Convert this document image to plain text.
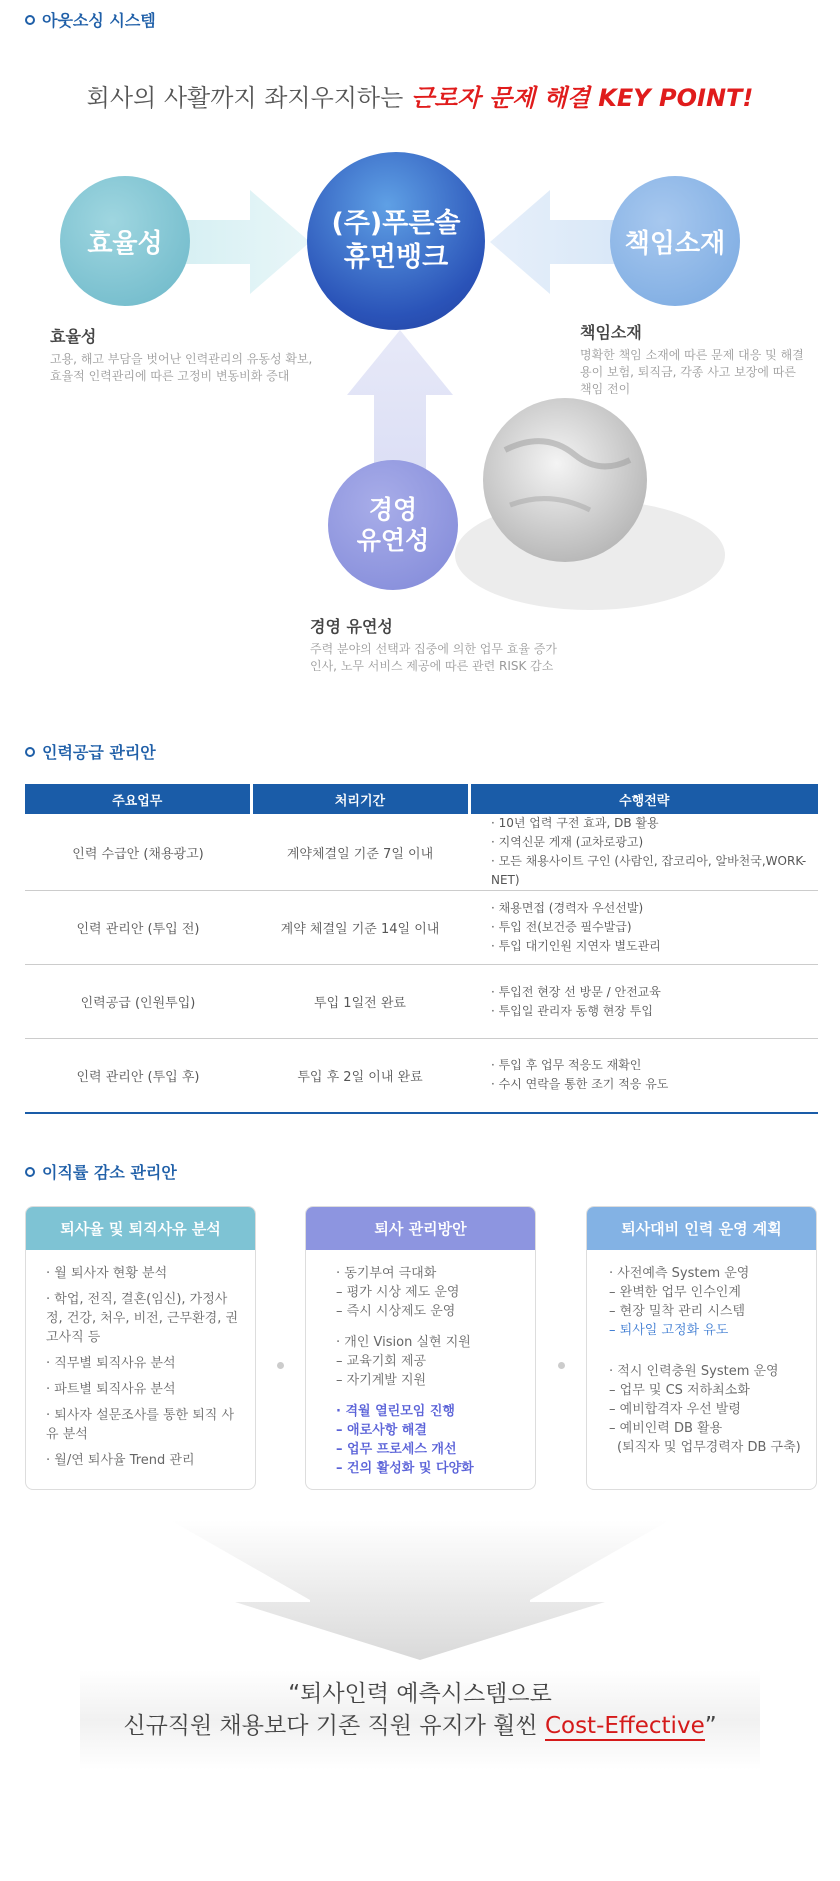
아웃소싱 시스템
회사의 사활까지 좌지우지하는 근로자 문제 해결 KEY POINT!
효율성
(주)푸른솔
휴먼뱅크	책임소재
경영
유연성
효율성
고용, 해고 부담을 벗어난 인력관리의 유동성 확보,
효율적 인력관리에 따른 고정비 변동비화 증대
책임소재
명확한 책임 소재에 따른 문제 대응 및 해결
용이 보험, 퇴직금, 각종 사고 보장에 따른
책임 전이
경영 유연성
주력 분야의 선택과 집중에 의한 업무 효율 증가
인사, 노무 서비스 제공에 따른 관련 RISK 감소
인력공급 관리안
주요업무	처리기간	수행전략
인력 수급안 (채용광고)	계약체결일 기준 7일 이내	· 10년 업력 구전 효과, DB 활용
· 지역신문 게재 (교차로광고)
· 모든 채용사이트 구인 (사람인, 잡코리아, 알바천국,WORK-NET)

인력 관리안 (투입 전)	계약 체결일 기준 14일 이내	· 채용면접 (경력자 우선선발)
· 투입 전(보건증 필수발급)
· 투입 대기인원 지연자 별도관리

인력공급 (인원투입)	투입 1일전 완료	· 투입전 현장 선 방문 / 안전교육
· 투입일 관리자 동행 현장 투입

인력 관리안 (투입 후)	투입 후 2일 이내 완료	· 투입 후 업무 적응도 재확인
· 수시 연락을 통한 조기 적응 유도
이직률 감소 관리안
퇴사율 및 퇴직사유 분석
· 월 퇴사자 현황 분석
· 학업, 전직, 결혼(임신), 가정사정, 건강, 처우, 비전, 근무환경, 권고사직 등
· 직무별 퇴직사유 분석
· 파트별 퇴직사유 분석
· 퇴사자 설문조사를 통한 퇴직 사유 분석
· 월/연 퇴사율 Trend 관리
퇴사 관리방안
· 동기부여 극대화
– 평가 시상 제도 운영
– 즉시 시상제도 운영
· 개인 Vision 실현 지원
– 교육기회 제공
– 자기계발 지원
· 격월 열린모임 진행
– 애로사항 해결
– 업무 프로세스 개선
– 건의 활성화 및 다양화
퇴사대비 인력 운영 계획
· 사전예측 System 운영
– 완벽한 업무 인수인계
– 현장 밀착 관리 시스템
– 퇴사일 고정화 유도
· 적시 인력충원 System 운영
– 업무 및 CS 저하최소화
– 예비합격자 우선 발령
– 예비인력 DB 활용
(퇴직자 및 업무경력자 DB 구축)
“퇴사인력 예측시스템으로
신규직원 채용보다 기존 직원 유지가 훨씬 Cost-Effective”
